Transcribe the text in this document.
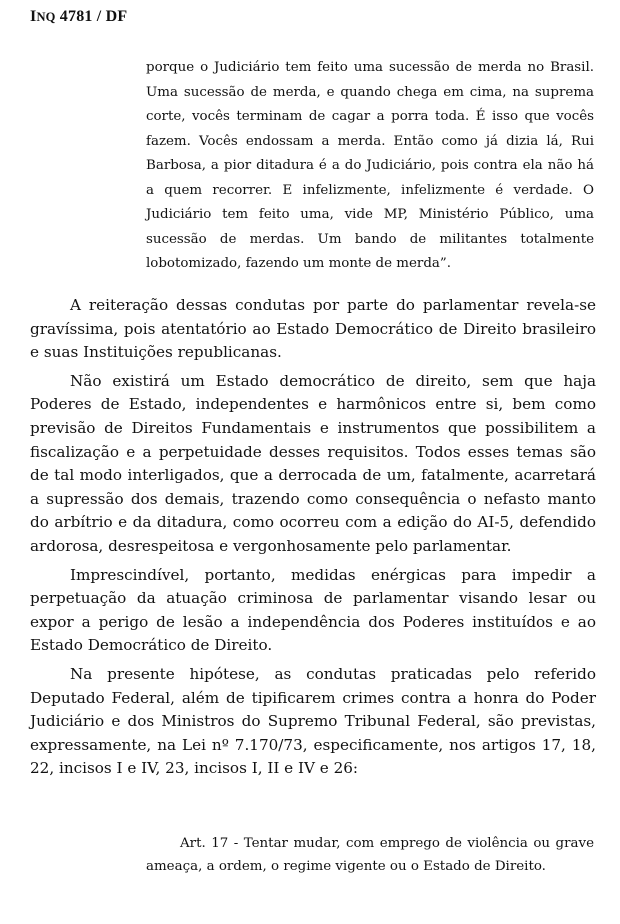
INQ 4781 / DF
porque o Judiciário tem feito uma sucessão de merda no Brasil. Uma sucessão de merda, e quando chega em cima, na suprema corte, vocês terminam de cagar a porra toda. É isso que vocês fazem. Vocês endossam a merda. Então como já dizia lá, Rui Barbosa, a pior ditadura é a do Judiciário, pois contra ela não há a quem recorrer. E infelizmente, infelizmente é verdade. O Judiciário tem feito uma, vide MP, Ministério Público, uma sucessão de merdas. Um bando de militantes totalmente lobotomizado, fazendo um monte de merda”.

A reiteração dessas condutas por parte do parlamentar revela-se gravíssima, pois atentatório ao Estado Democrático de Direito brasileiro e suas Instituições republicanas.

Não existirá um Estado democrático de direito, sem que haja Poderes de Estado, independentes e harmônicos entre si, bem como previsão de Direitos Fundamentais e instrumentos que possibilitem a fiscalização e a perpetuidade desses requisitos. Todos esses temas são de tal modo interligados, que a derrocada de um, fatalmente, acarretará a supressão dos demais, trazendo como consequência o nefasto manto do arbítrio e da ditadura, como ocorreu com a edição do AI-5, defendido ardorosa, desrespeitosa e vergonhosamente pelo parlamentar.

Imprescindível, portanto, medidas enérgicas para impedir a perpetuação da atuação criminosa de parlamentar visando lesar ou expor a perigo de lesão a independência dos Poderes instituídos e ao Estado Democrático de Direito.

Na presente hipótese, as condutas praticadas pelo referido Deputado Federal, além de tipificarem crimes contra a honra do Poder Judiciário e dos Ministros do Supremo Tribunal Federal, são previstas, expressamente, na Lei nº 7.170/73, especificamente, nos artigos 17, 18, 22, incisos I e IV, 23, incisos I, II e IV e 26:

Art. 17 - Tentar mudar, com emprego de violência ou grave ameaça, a ordem, o regime vigente ou o Estado de Direito.
